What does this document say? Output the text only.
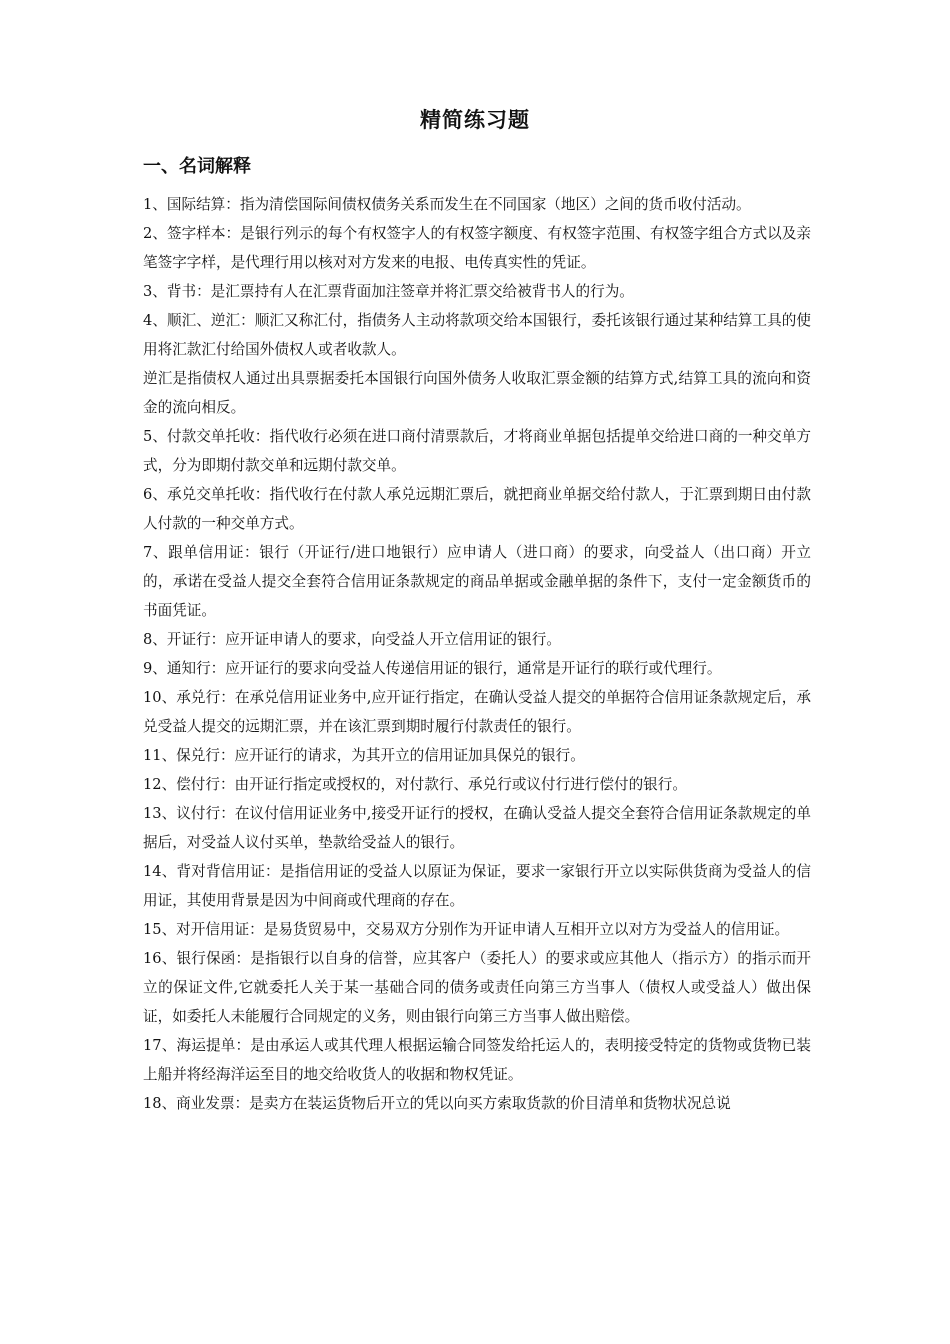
精简练习题
一、名词解释

1、国际结算：指为清偿国际间债权债务关系而发生在不同国家（地区）之间的货币收付活动。

2、签字样本：是银行列示的每个有权签字人的有权签字额度、有权签字范围、有权签字组合方式以及亲笔签字字样，是代理行用以核对对方发来的电报、电传真实性的凭证。

3、背书：是汇票持有人在汇票背面加注签章并将汇票交给被背书人的行为。

4、顺汇、逆汇：顺汇又称汇付，指债务人主动将款项交给本国银行，委托该银行通过某种结算工具的使用将汇款汇付给国外债权人或者收款人。

逆汇是指债权人通过出具票据委托本国银行向国外债务人收取汇票金额的结算方式,结算工具的流向和资金的流向相反。

5、付款交单托收：指代收行必须在进口商付清票款后，才将商业单据包括提单交给进口商的一种交单方式，分为即期付款交单和远期付款交单。

6、承兑交单托收：指代收行在付款人承兑远期汇票后，就把商业单据交给付款人，于汇票到期日由付款人付款的一种交单方式。

7、跟单信用证：银行（开证行/进口地银行）应申请人（进口商）的要求，向受益人（出口商）开立的，承诺在受益人提交全套符合信用证条款规定的商品单据或金融单据的条件下，支付一定金额货币的书面凭证。

8、开证行：应开证申请人的要求，向受益人开立信用证的银行。

9、通知行：应开证行的要求向受益人传递信用证的银行，通常是开证行的联行或代理行。

10、承兑行：在承兑信用证业务中,应开证行指定，在确认受益人提交的单据符合信用证条款规定后，承兑受益人提交的远期汇票，并在该汇票到期时履行付款责任的银行。

11、保兑行：应开证行的请求，为其开立的信用证加具保兑的银行。

12、偿付行：由开证行指定或授权的，对付款行、承兑行或议付行进行偿付的银行。

13、议付行：在议付信用证业务中,接受开证行的授权，在确认受益人提交全套符合信用证条款规定的单据后，对受益人议付买单，垫款给受益人的银行。

14、背对背信用证：是指信用证的受益人以原证为保证，要求一家银行开立以实际供货商为受益人的信用证，其使用背景是因为中间商或代理商的存在。

15、对开信用证：是易货贸易中，交易双方分别作为开证申请人互相开立以对方为受益人的信用证。

16、银行保函：是指银行以自身的信誉，应其客户（委托人）的要求或应其他人（指示方）的指示而开立的保证文件,它就委托人关于某一基础合同的债务或责任向第三方当事人（债权人或受益人）做出保证，如委托人未能履行合同规定的义务，则由银行向第三方当事人做出赔偿。

17、海运提单：是由承运人或其代理人根据运输合同签发给托运人的，表明接受特定的货物或货物已装上船并将经海洋运至目的地交给收货人的收据和物权凭证。

18、商业发票：是卖方在装运货物后开立的凭以向买方索取货款的价目清单和货物状况总说
